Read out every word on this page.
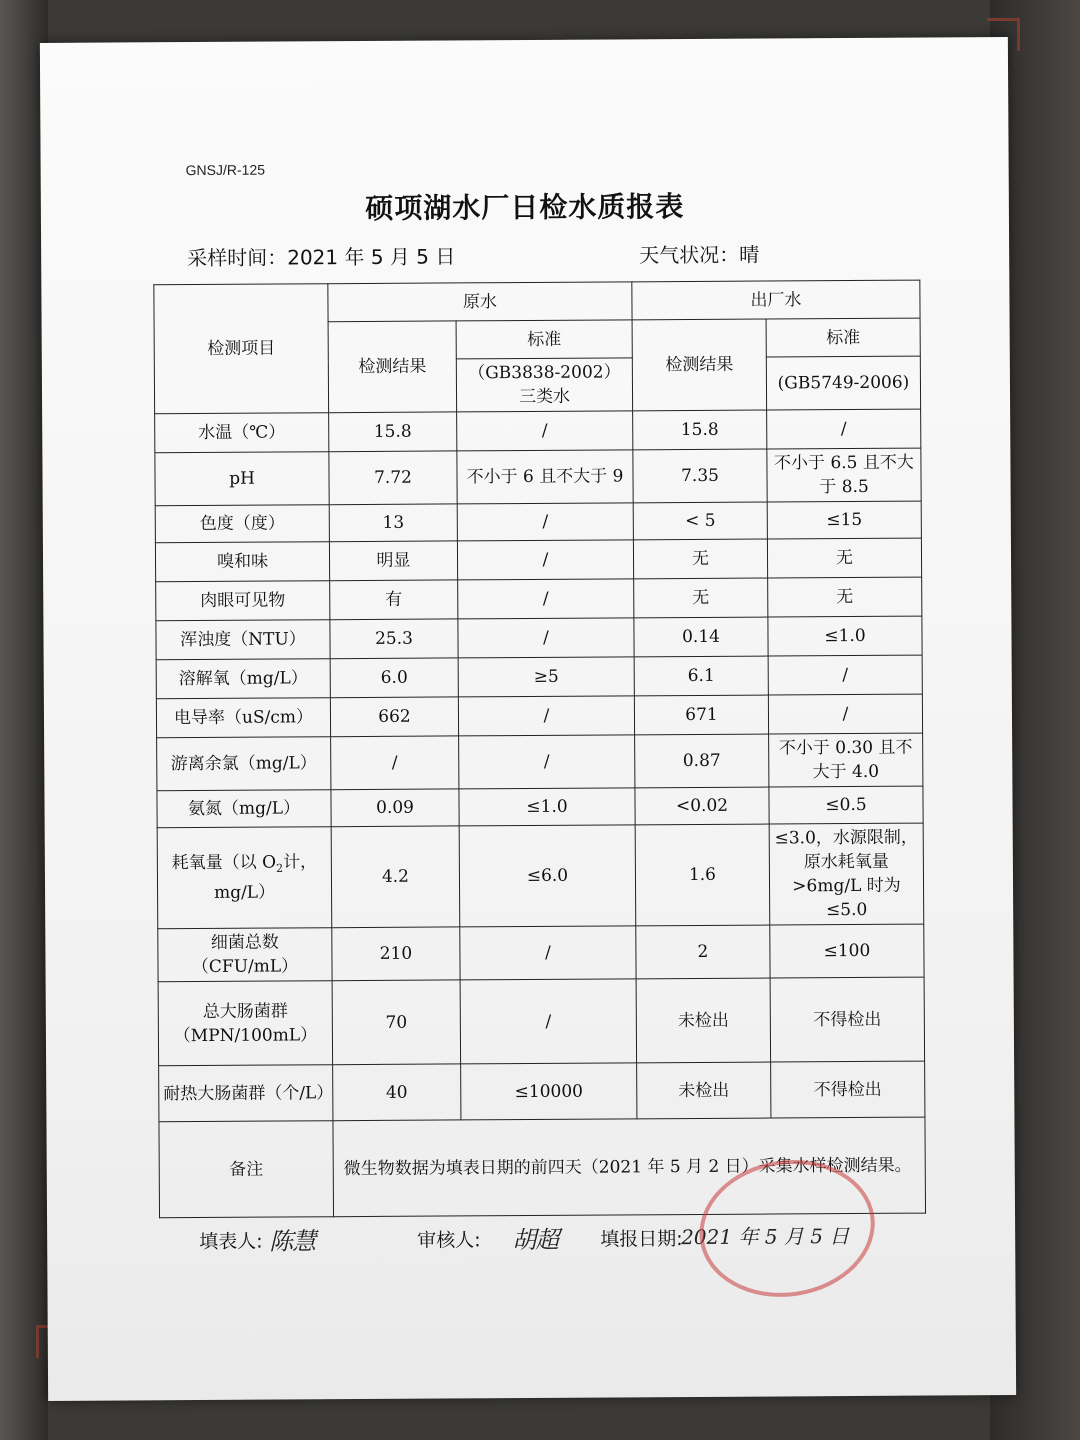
GNSJ/R-125
硕项湖水厂日检水质报表
采样时间：2021 年 5 月 5 日	天气状况：晴
检测项目	原水		出厂水	
	检测结果	标准	检测结果	标准
		（GB3838-2002）三类水		(GB5749-2006)
水温（℃）	15.8	/	15.8	/
pH	7.72	不小于 6 且不大于 9	7.35	不小于 6.5 且不大于 8.5
色度（度）	13	/	< 5	≤15
嗅和味	明显	/	无	无
肉眼可见物	有	/	无	无
浑浊度（NTU）	25.3	/	0.14	≤1.0
溶解氧（mg/L）	6.0	≥5	6.1	/
电导率（uS/cm）	662	/	671	/
游离余氯（mg/L）	/	/	0.87	不小于 0.30 且不大于 4.0
氨氮（mg/L）	0.09	≤1.0	<0.02	≤0.5
耗氧量（以 $O_2$计，mg/L）	4.2	≤6.0	1.6	≤3.0，水源限制，原水耗氧量>6mg/L 时为≤5.0
细菌总数（CFU/mL）	210	/	2	≤100
总大肠菌群（MPN/100mL）	70	/	未检出	不得检出
耐热大肠菌群（个/L）	40	≤10000	未检出	不得检出
备注	微生物数据为填表日期的前四天（2021 年 5 月 2 日）采集水样检测结果。			
填表人: 陈慧	审核人: 胡超 填报日期:
2021 年 5 月 5 日
